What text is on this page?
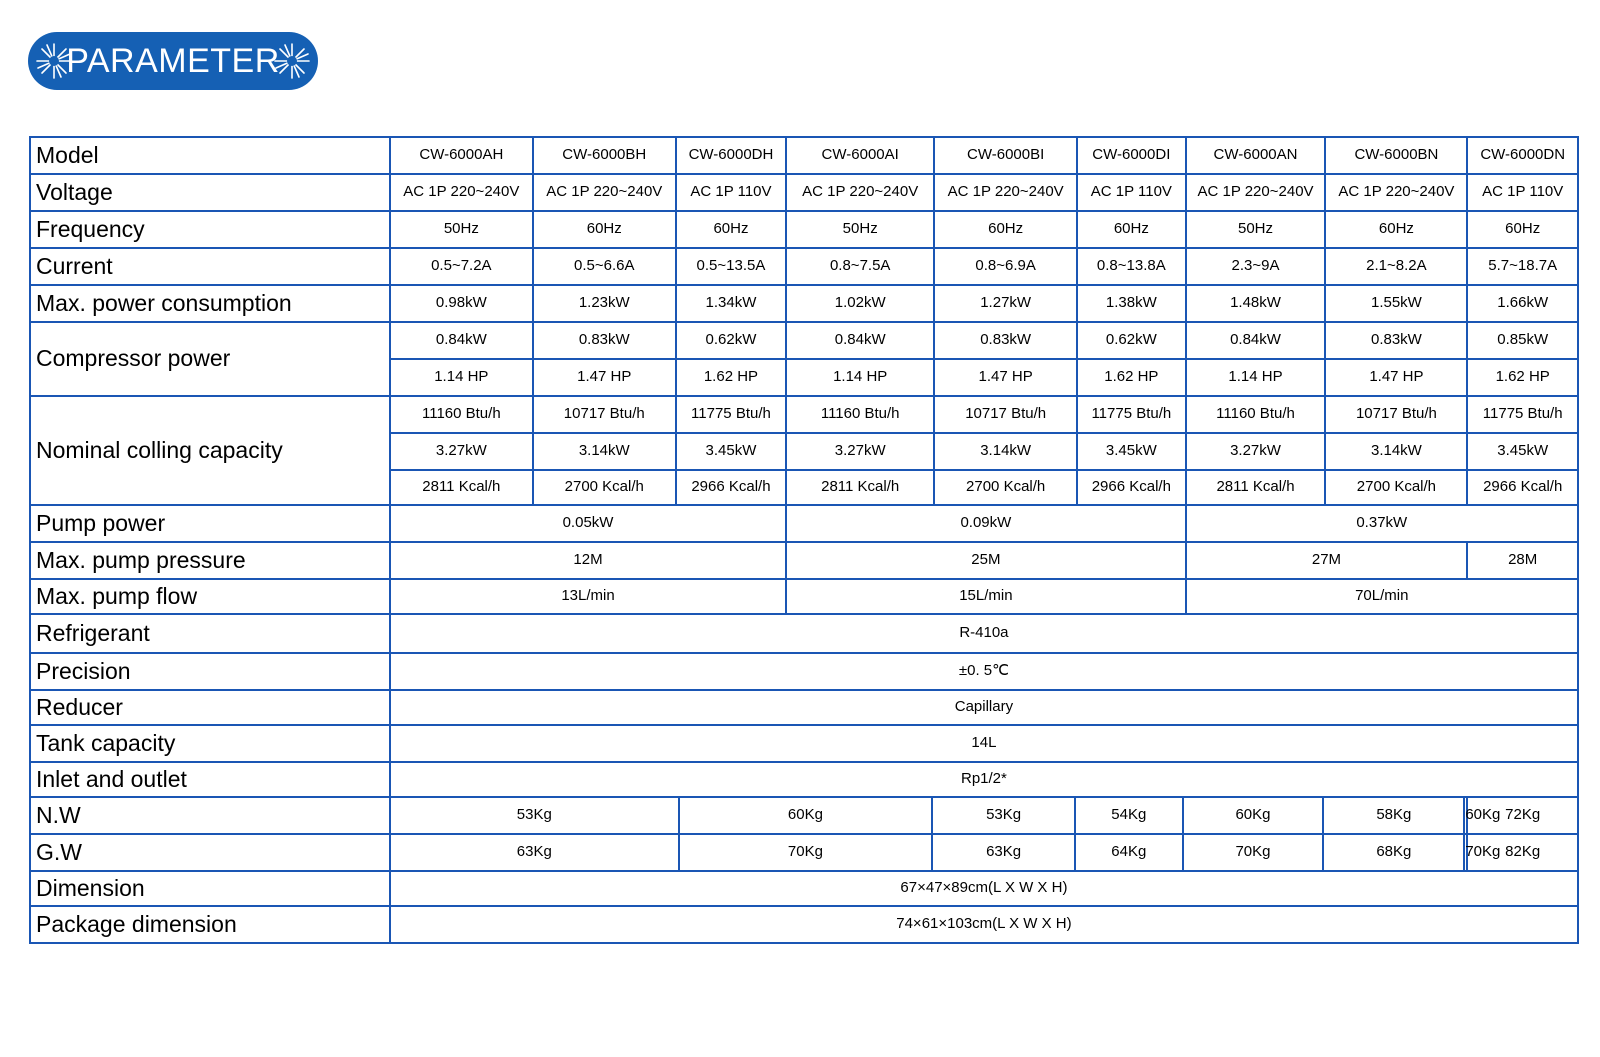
PARAMETER
Model	CW-6000AH	CW-6000BH	CW-6000DH		CW-6000AI		CW-6000BI		CW-6000DI		CW-6000AN		CW-6000BN		CW-6000DN
Voltage	AC 1P 220~240V	AC 1P 220~240V	AC 1P 110V		AC 1P 220~240V		AC 1P 220~240V		AC 1P 110V		AC 1P 220~240V		AC 1P 220~240V		AC 1P 110V
Frequency	50Hz	60Hz	60Hz		50Hz		60Hz		60Hz		50Hz		60Hz		60Hz
Current	0.5~7.2A	0.5~6.6A	0.5~13.5A		0.8~7.5A		0.8~6.9A		0.8~13.8A		2.3~9A		2.1~8.2A		5.7~18.7A
Max. power consumption	0.98kW	1.23kW	1.34kW		1.02kW		1.27kW		1.38kW		1.48kW		1.55kW		1.66kW
Compressor power	0.84kW	0.83kW	0.62kW		0.84kW		0.83kW		0.62kW		0.84kW		0.83kW		0.85kW
	1.14 HP	1.47 HP	1.62 HP		1.14 HP		1.47 HP		1.62 HP		1.14 HP		1.47 HP		1.62 HP
Nominal colling capacity	11160 Btu/h	10717 Btu/h	11775 Btu/h		11160 Btu/h		10717 Btu/h		11775 Btu/h		11160 Btu/h		10717 Btu/h		11775 Btu/h
	3.27kW	3.14kW	3.45kW		3.27kW		3.14kW		3.45kW		3.27kW		3.14kW		3.45kW
	2811 Kcal/h	2700 Kcal/h	2966 Kcal/h		2811 Kcal/h		2700 Kcal/h		2966 Kcal/h		2811 Kcal/h		2700 Kcal/h		2966 Kcal/h
Pump power	0.05kW				0.09kW						0.37kW				
Max. pump pressure	12M				25M						27M				28M
Max. pump flow	13L/min				15L/min						70L/min				
Refrigerant	R-410a														
Precision	±0. 5℃														
Reducer	Capillary														
Tank capacity	14L														
Inlet and outlet	Rp1/2*														
N.W	53Kg			60Kg		53Kg		54Kg		60Kg		58Kg		60Kg	72Kg
G.W	63Kg			70Kg		63Kg		64Kg		70Kg		68Kg		70Kg	82Kg
Dimension	67×47×89cm(L X W X H)														
Package dimension	74×61×103cm(L X W X H)														
